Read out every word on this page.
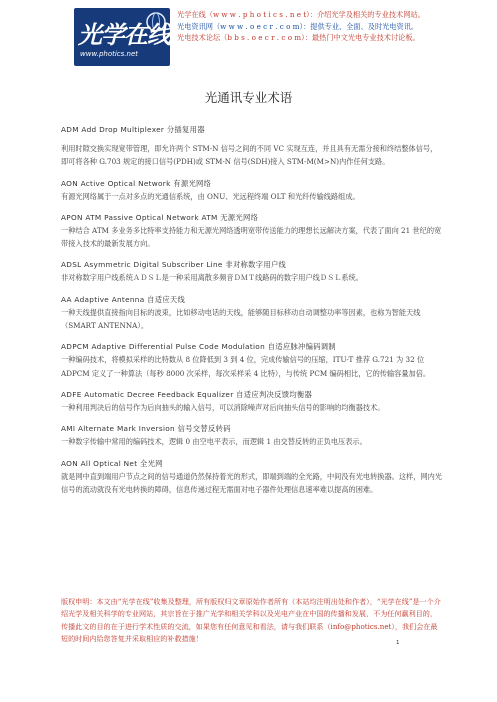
光学在线
www.photics.net
光学在线（w w w . p h o t i c s . n e t）：介绍光学及相关的专业技术网站。
光电资讯网（w w w . o e c r . c o m）：提供专业、全面、及时光电资讯。
光电技术论坛（b b s . o e c r . c o m）：最热门中文光电专业技术讨论板。
光通讯专业术语
ADM Add Drop Multiplexer 分插复用器
利用时隙交换实现宽带管理，即允许两个 STM-N 信号之间的不同 VC 实现互连，并且具有无需分接和终结整体信号，即可将各种 G.703 规定的接口信号(PDH)或 STM-N 信号(SDH)接入 STM-M(M>N)内作任何支路。
AON Active Optical Network 有源光网络
有源光网络属于一点对多点的光通信系统，由 ONU、光远程终端 OLT 和光纤传输线路组成。
APON ATM Passive Optical Network ATM 无源光网络
一种结合 ATM 多业务多比特率支持能力和无源光网络透明宽带传送能力的理想长远解决方案，代表了面向 21 世纪的宽带接入技术的最新发展方向。
ADSL Asymmetric Digital Subscriber Line 非对称数字用户线
非对称数字用户线系统ＡＤＳＬ是一种采用离散多频音ＤＭＴ线路码的数字用户线ＤＳＬ系统。
AA Adaptive Antenna 自适应天线
一种天线提供直接指向目标的波束，比如移动电话的天线，能够随目标移动自动调整功率等因素，也称为智能天线（SMART ANTENNA）。
ADPCM Adaptive Differential Pulse Code Modulation 自适应脉冲编码调制
一种编码技术，将模拟采样的比特数从 8 位降低到 3 到 4 位，完成传输信号的压缩，ITU-T 推荐 G.721 为 32 位 ADPCM 定义了一种算法（每秒 8000 次采样，每次采样采 4 比特），与传统 PCM 编码相比，它的传输容量加倍。
ADFE Automatic Decree Feedback Equalizer 自适应判决反馈均衡器
一种利用判决后的信号作为后向抽头的输入信号，可以消除噪声对后向抽头信号的影响的均衡器技术。
AMI Alternate Mark Inversion 信号交替反转码
一种数字传输中常用的编码技术，逻辑 0 由空电平表示，而逻辑 1 由交替反转的正负电压表示。
AON All Optical Net 全光网
就是网中直到端用户节点之间的信号通道仍然保持着光的形式，即端到端的全光路，中间没有光电转换器。这样，网内光信号的流动就没有光电转换的障碍，信息传递过程无需面对电子器件处理信息速率难以提高的困难。
版权申明：本文由“光学在线”收集及整理，所有版权归文章原始作者所有（本站均注明出处和作者），“光学在线”是一个介绍光学及相关科学的专业网站，其宗旨在于推广光学和相关学科以及光电产业在中国的传播和发展，不为任何赢利目的，传播此文的目的在于进行学术性质的交流，如果您有任何意见和看法，请与我们联系（info@photics.net），我们会在最短的时间内给您答复并采取相应的补救措施！	1
